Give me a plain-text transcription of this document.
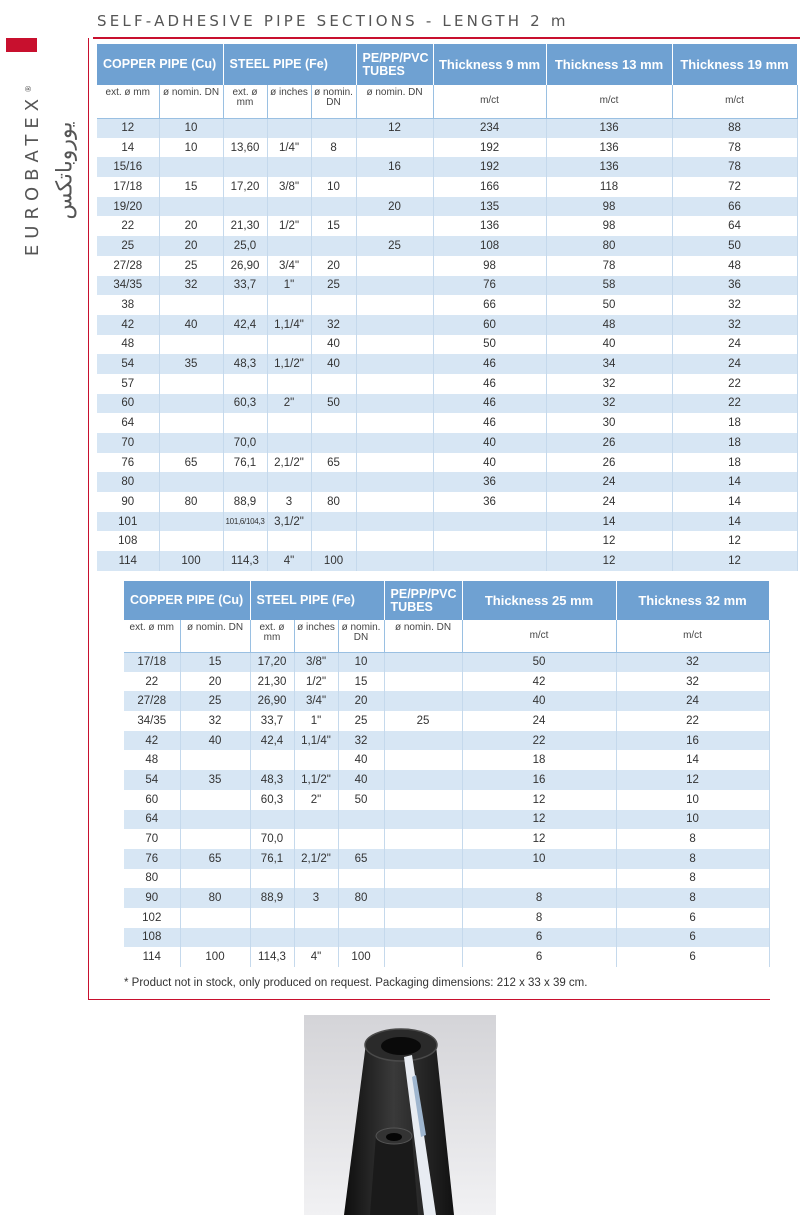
SELF-ADHESIVE PIPE SECTIONS - LENGTH 2 m
EUROBATEX®
یوروباتکس
COPPER PIPE (Cu)		STEEL PIPE (Fe)			PE/PP/PVC TUBES	Thickness 9 mm	Thickness 13 mm	Thickness 19 mm
ext. ø mm	ø nomin. DN	ext. ø mm	ø inches	ø nomin. DN	ø nomin. DN	m/ct	m/ct	m/ct
12	10				12	234	136	88
14	10	13,60	1/4"	8		192	136	78
15/16					16	192	136	78
17/18	15	17,20	3/8"	10		166	118	72
19/20					20	135	98	66
22	20	21,30	1/2"	15		136	98	64
25	20	25,0			25	108	80	50
27/28	25	26,90	3/4"	20		98	78	48
34/35	32	33,7	1"	25		76	58	36
38						66	50	32
42	40	42,4	1,1/4"	32		60	48	32
48				40		50	40	24
54	35	48,3	1,1/2"	40		46	34	24
57						46	32	22
60		60,3	2"	50		46	32	22
64						46	30	18
70		70,0				40	26	18
76	65	76,1	2,1/2"	65		40	26	18
80						36	24	14
90	80	88,9	3	80		36	24	14
101		101,6/104,3	3,1/2"				14	14
108							12	12
114	100	114,3	4"	100			12	12
COPPER PIPE (Cu)		STEEL PIPE (Fe)			PE/PP/PVC TUBES	Thickness 25 mm	Thickness 32 mm
ext. ø mm	ø nomin. DN	ext. ø mm	ø inches	ø nomin. DN	ø nomin. DN	m/ct	m/ct
17/18	15	17,20	3/8"	10		50	32
22	20	21,30	1/2"	15		42	32
27/28	25	26,90	3/4"	20		40	24
34/35	32	33,7	1"	25	25	24	22
42	40	42,4	1,1/4"	32		22	16
48				40		18	14
54	35	48,3	1,1/2"	40		16	12
60		60,3	2"	50		12	10
64						12	10
70		70,0				12	8
76	65	76,1	2,1/2"	65		10	8
80							8
90	80	88,9	3	80		8	8
102						8	6
108						6	6
114	100	114,3	4"	100		6	6
* Product not in stock, only produced on request. Packaging dimensions: 212 x 33 x 39 cm.
